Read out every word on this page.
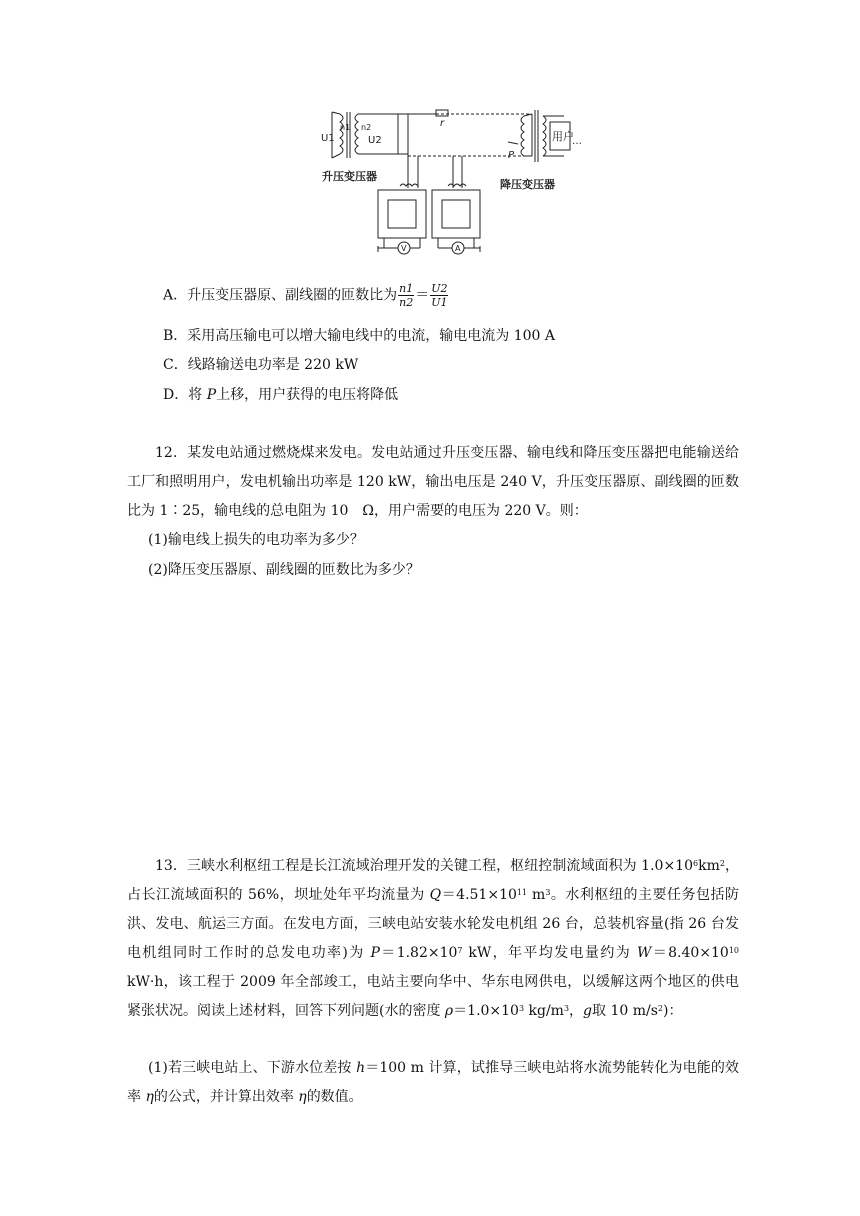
U1
n1 n2
U2
r
P
用户
…
升压变压器
降压变压器
V	A
A．升压变压器原、副线圈的匝数比为 $\frac{n1}{n2} = \frac{U2}{U1}$
B．采用高压输电可以增大输电线中的电流，输电电流为 100 A
C．线路输送电功率是 220 kW
D．将 P上移，用户获得的电压将降低
12．某发电站通过燃烧煤来发电。发电站通过升压变压器、输电线和降压变压器把电能输送给工厂和照明用户，发电机输出功率是 120 kW，输出电压是 240 V，升压变压器原、副线圈的匝数比为 1∶25，输电线的总电阻为 10　Ω，用户需要的电压为 220 V。则：
(1)输电线上损失的电功率为多少？
(2)降压变压器原、副线圈的匝数比为多少？
13．三峡水利枢纽工程是长江流域治理开发的关键工程，枢纽控制流域面积为 $1.0\times 10^6km^2$，占长江流域面积的 56%，坝址处年平均流量为 $Q=4.51\times 10^{11}$ $m^3$。水利枢纽的主要任务包括防洪、发电、航运三方面。在发电方面，三峡电站安装水轮发电机组 26 台，总装机容量(指 26 台发电机组同时工作时的总发电功率)为 $P=1.82\times 10^7$ kW，年平均发电量约为 $W=8.40\times 10^{10}$ kW·h，该工程于 2009 年全部竣工，电站主要向华中、华东电网供电，以缓解这两个地区的供电紧张状况。阅读上述材料，回答下列问题(水的密度 $\rho=1.0\times 10^3$ $kg/m^3$，g取 10 $m/s^2$)：
(1)若三峡电站上、下游水位差按 h＝100 m 计算，试推导三峡电站将水流势能转化为电能的效率 η的公式，并计算出效率 η的数值。
